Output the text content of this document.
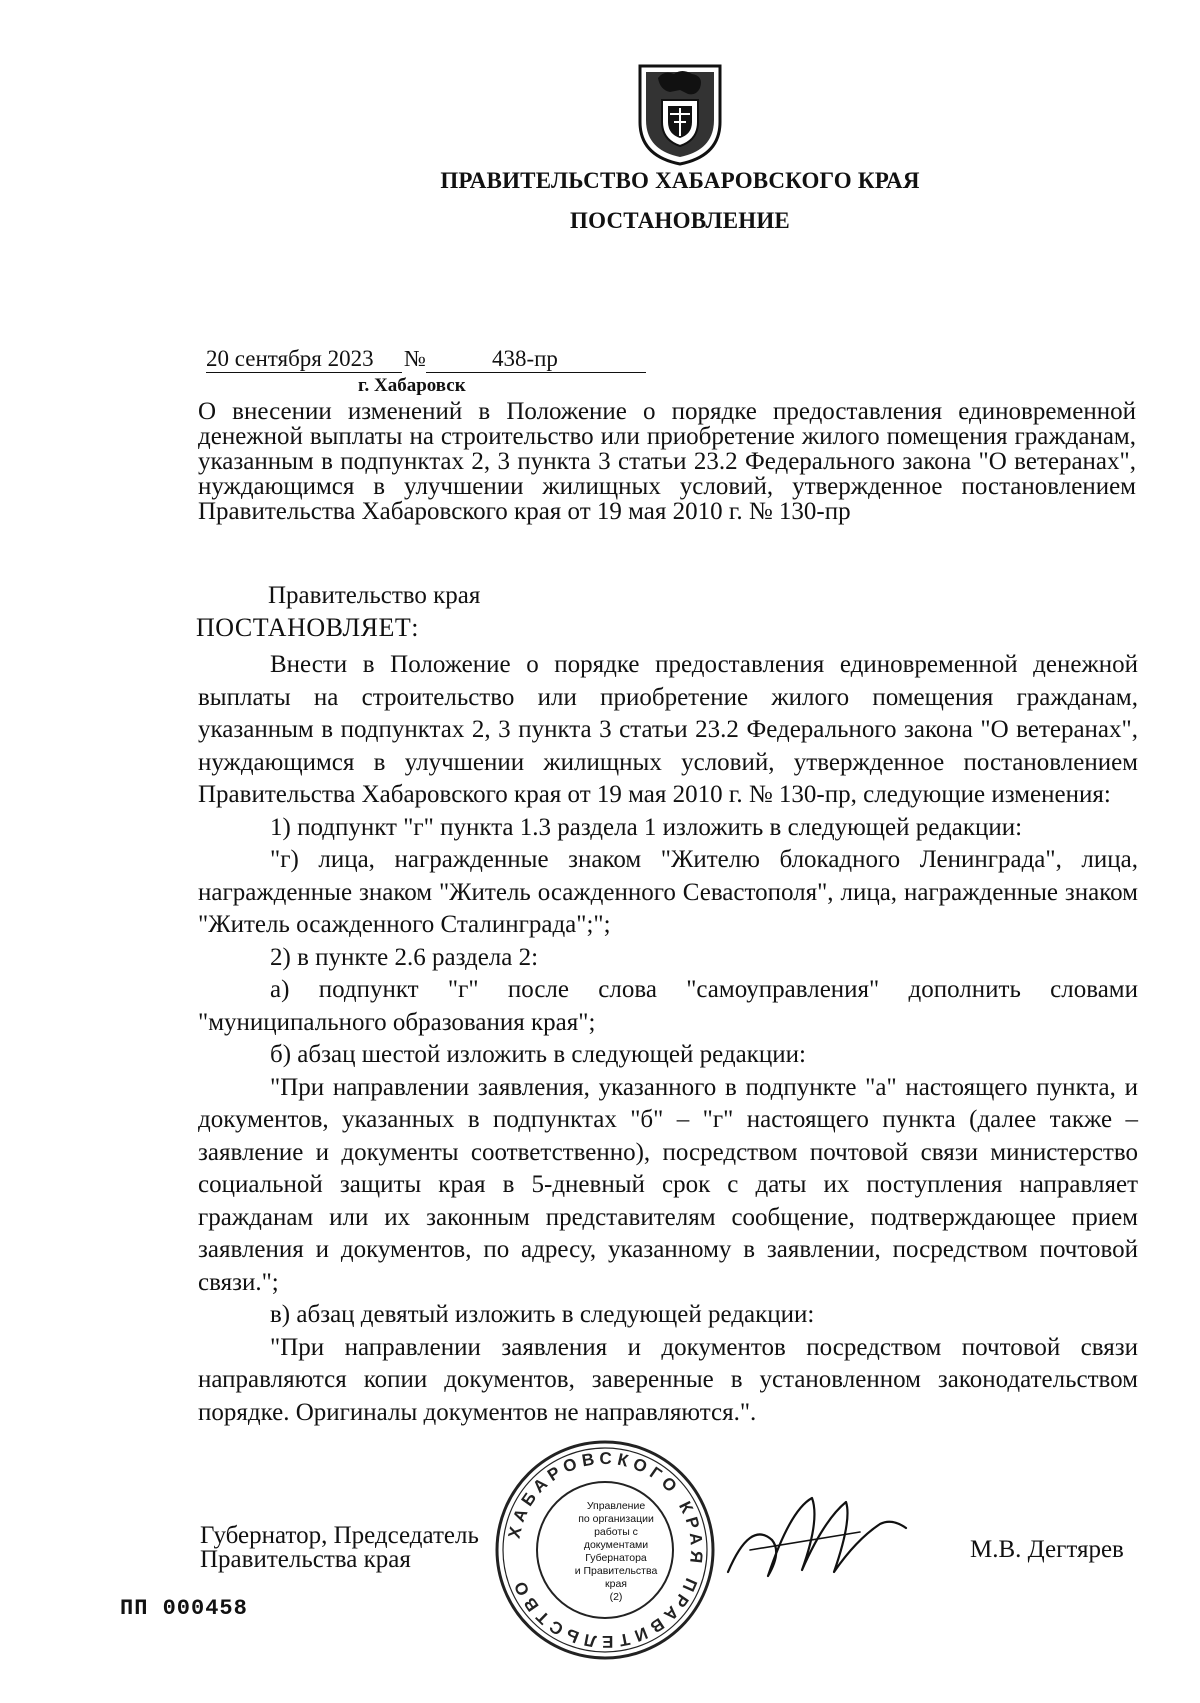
ПРАВИТЕЛЬСТВО ХАБАРОВСКОГО КРАЯ
ПОСТАНОВЛЕНИЕ
20 сентября 2023 №	438-пр
г. Хабаровск
О внесении изменений в Положение о порядке предоставления единовременной денежной выплаты на строительство или приобретение жилого помещения гражданам, указанным в подпунктах 2, 3 пункта 3 статьи 23.2 Федерального закона "О ветеранах", нуждающимся в улучшении жилищных условий, утвержденное постановлением Правительства Хабаровского края от 19 мая 2010 г. № 130-пр
Правительство края
ПОСТАНОВЛЯЕТ:

Внести в Положение о порядке предоставления единовременной денежной выплаты на строительство или приобретение жилого помещения гражданам, указанным в подпунктах 2, 3 пункта 3 статьи 23.2 Федерального закона "О ветеранах", нуждающимся в улучшении жилищных условий, утвержденное постановлением Правительства Хабаровского края от 19 мая 2010 г. № 130-пр, следующие изменения:

1) подпункт "г" пункта 1.3 раздела 1 изложить в следующей редакции:

"г) лица, награжденные знаком "Жителю блокадного Ленинграда", лица, награжденные знаком "Житель осажденного Севастополя", лица, награжденные знаком "Житель осажденного Сталинграда";";

2) в пункте 2.6 раздела 2:

а) подпункт "г" после слова "самоуправления" дополнить словами "муниципального образования края";

б) абзац шестой изложить в следующей редакции:

"При направлении заявления, указанного в подпункте "а" настоящего пункта, и документов, указанных в подпунктах "б" – "г" настоящего пункта (далее также – заявление и документы соответственно), посредством почтовой связи министерство социальной защиты края в 5-дневный срок с даты их поступления направляет гражданам или их законным представителям сообщение, подтверждающее прием заявления и документов, по адресу, указанному в заявлении, посредством почтовой связи.";

в) абзац девятый изложить в следующей редакции:

"При направлении заявления и документов посредством почтовой связи направляются копии документов, заверенные в установленном законодательством порядке. Оригиналы документов не направляются.".

Губернатор, Председатель
Правительства края	М.В. Дегтярев
ХАБАРОВСКОГО КРАЯ ПРАВИТЕЛЬСТВО
Управление
по организации
работы с документами
Губернатора
и Правительства
края
(2)
ПП 000458
